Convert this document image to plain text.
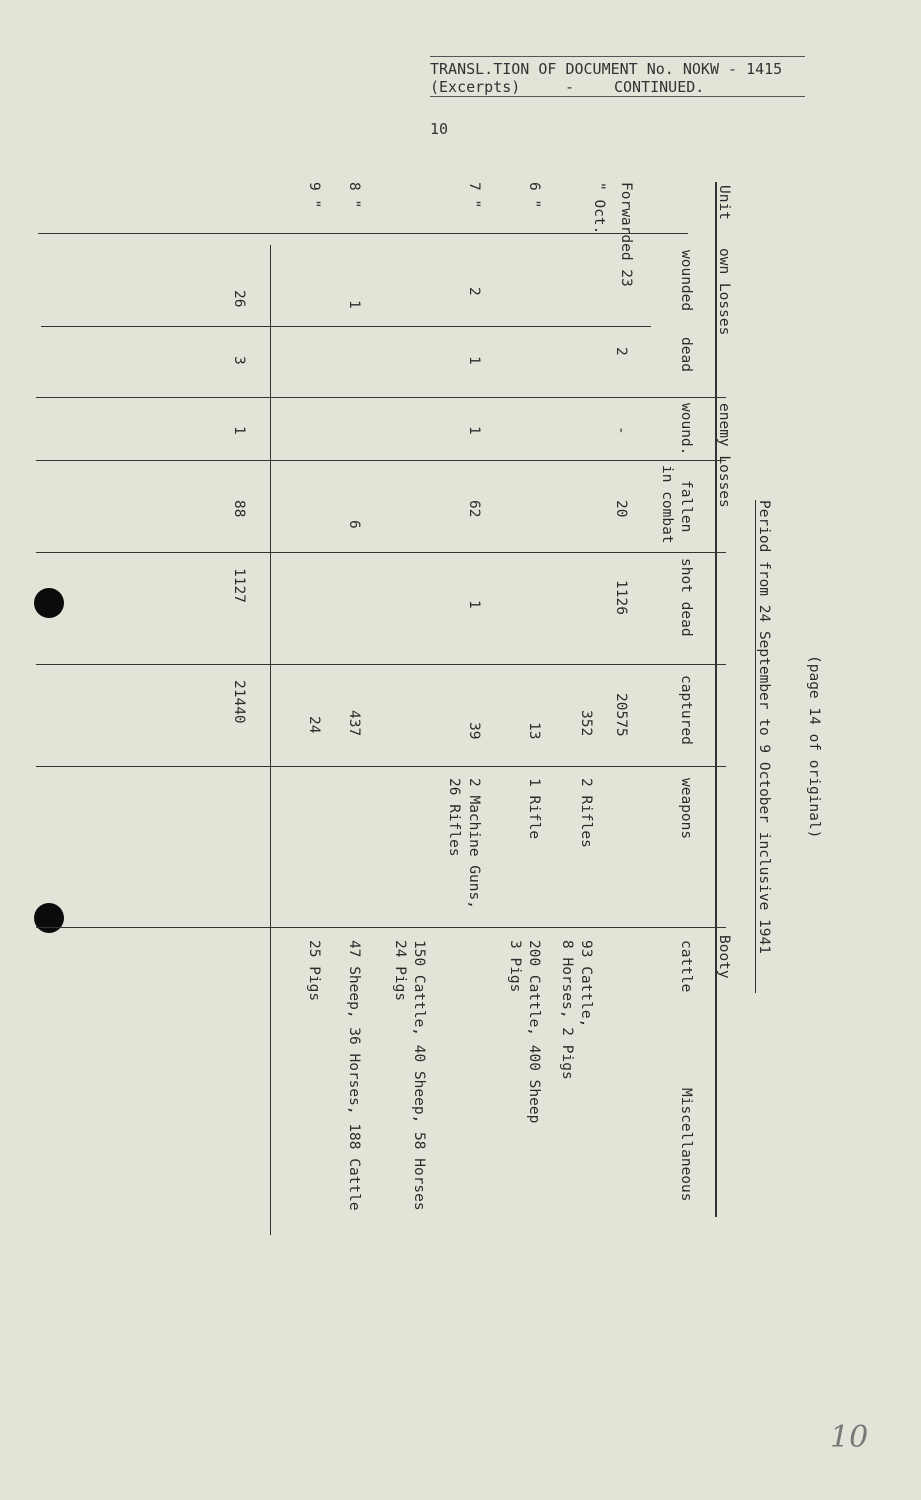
TRANSL.TION OF DOCUMENT No. NOKW - 1415
(Excerpts)	-	CONTINUED.
10
10
(page 14 of original)
Period from 24 September to 9 October inclusive 1941
Unit
own Losses
enemy Losses
Booty
wounded
dead
wound.
fallen
in combat
shot dead
captured
weapons
cattle
Miscellaneous
Forwarded 23
" Oct.
2
-
20
1126
20575
352
2 Rifles
93 Cattle,
8 Horses, 2 Pigs
6 "
13
1 Rifle
200 Cattle, 400 Sheep
3 Pigs
7 "
2
1
1
62
1
39
2 Machine Guns,
26 Rifles
150 Cattle, 40 Sheep, 58 Horses
24 Pigs
8 "
1
6
437
47 Sheep, 36 Horses, 188 Cattle
9 "
24
25 Pigs
26
3
1
88
1127
21440
